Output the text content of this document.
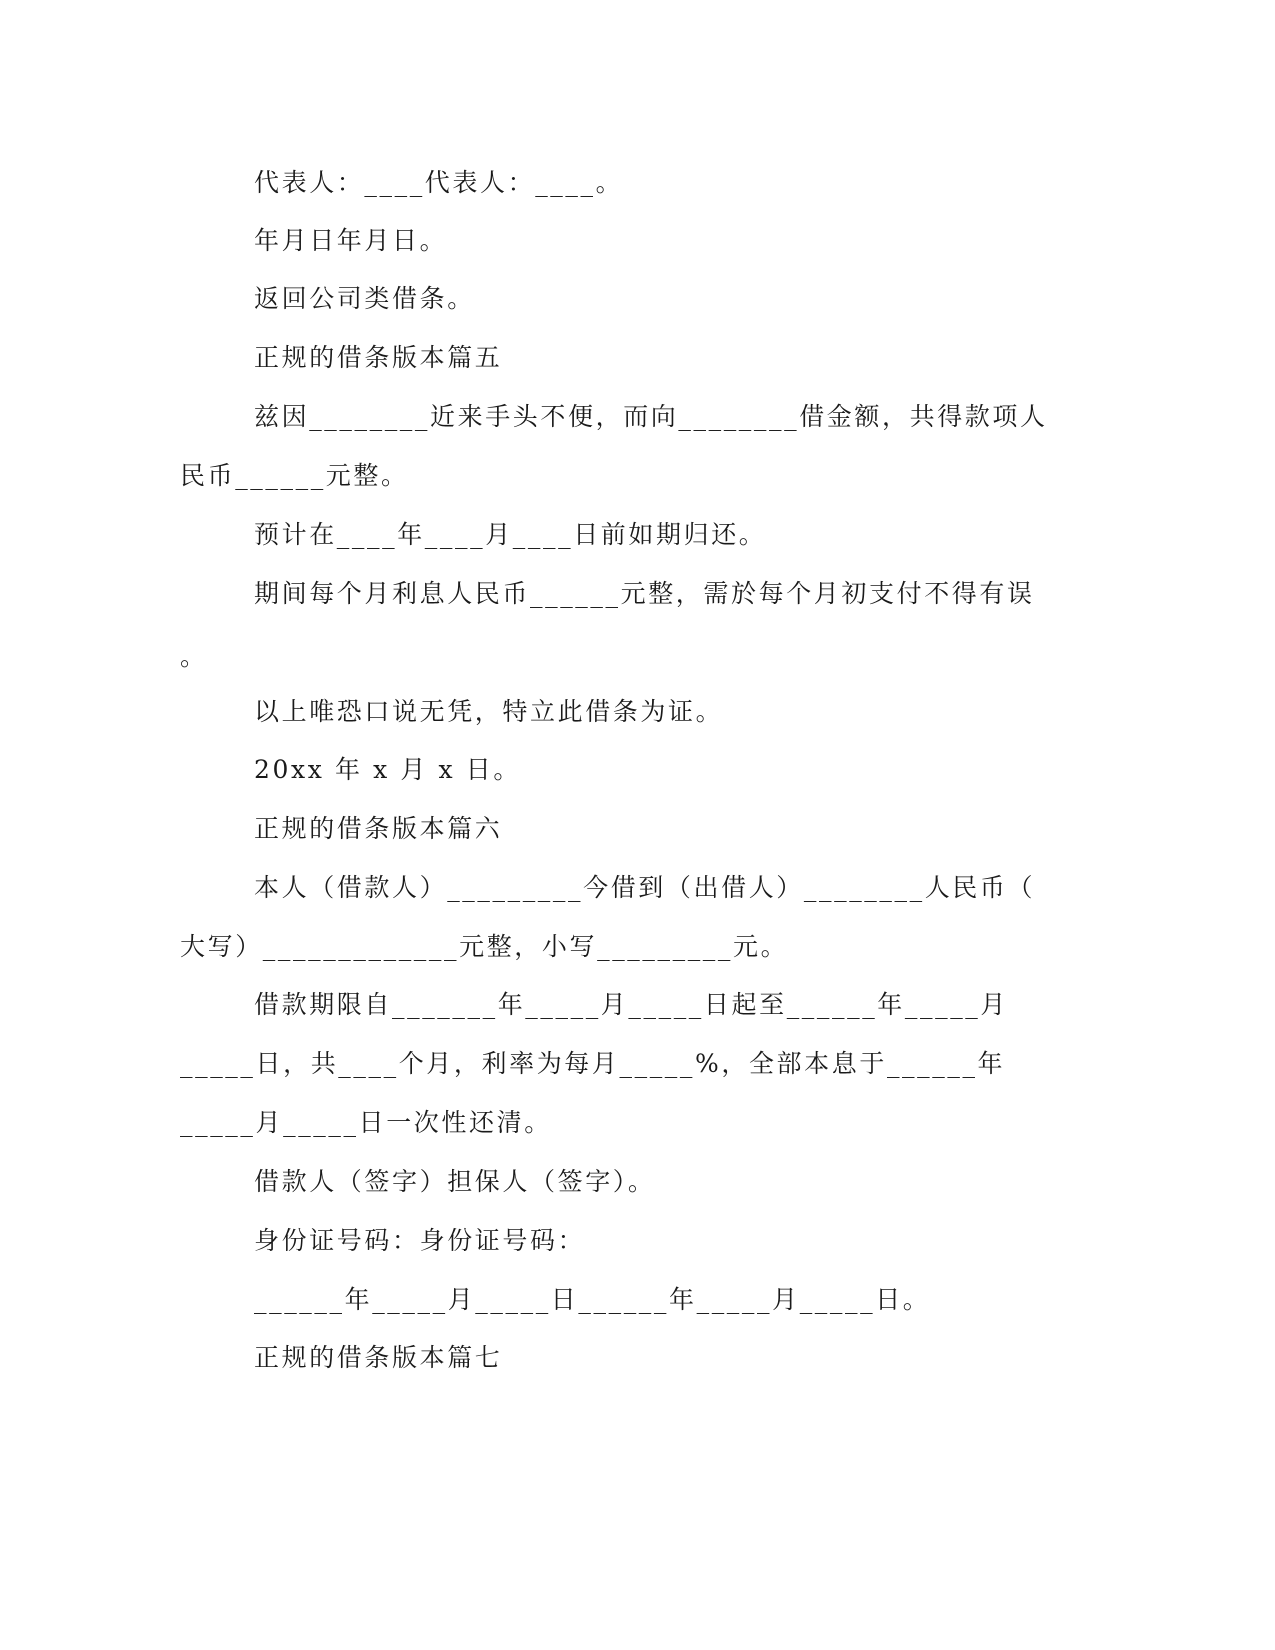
代表人：____代表人：____。
年月日年月日。
返回公司类借条。
正规的借条版本篇五
兹因________近来手头不便，而向________借金额，共得款项人
民币______元整。
预计在____年____月____日前如期归还。
期间每个月利息人民币______元整，需於每个月初支付不得有误
。
以上唯恐口说无凭，特立此借条为证。
20xx 年 x 月 x 日。
正规的借条版本篇六
本人（借款人）_________今借到（出借人）________人民币（
大写）_____________元整，小写_________元。
借款期限自_______年_____月_____日起至______年_____月
_____日，共____个月，利率为每月_____%，全部本息于______年
_____月_____日一次性还清。
借款人（签字）担保人（签字）。
身份证号码：身份证号码：
______年_____月_____日______年_____月_____日。
正规的借条版本篇七
